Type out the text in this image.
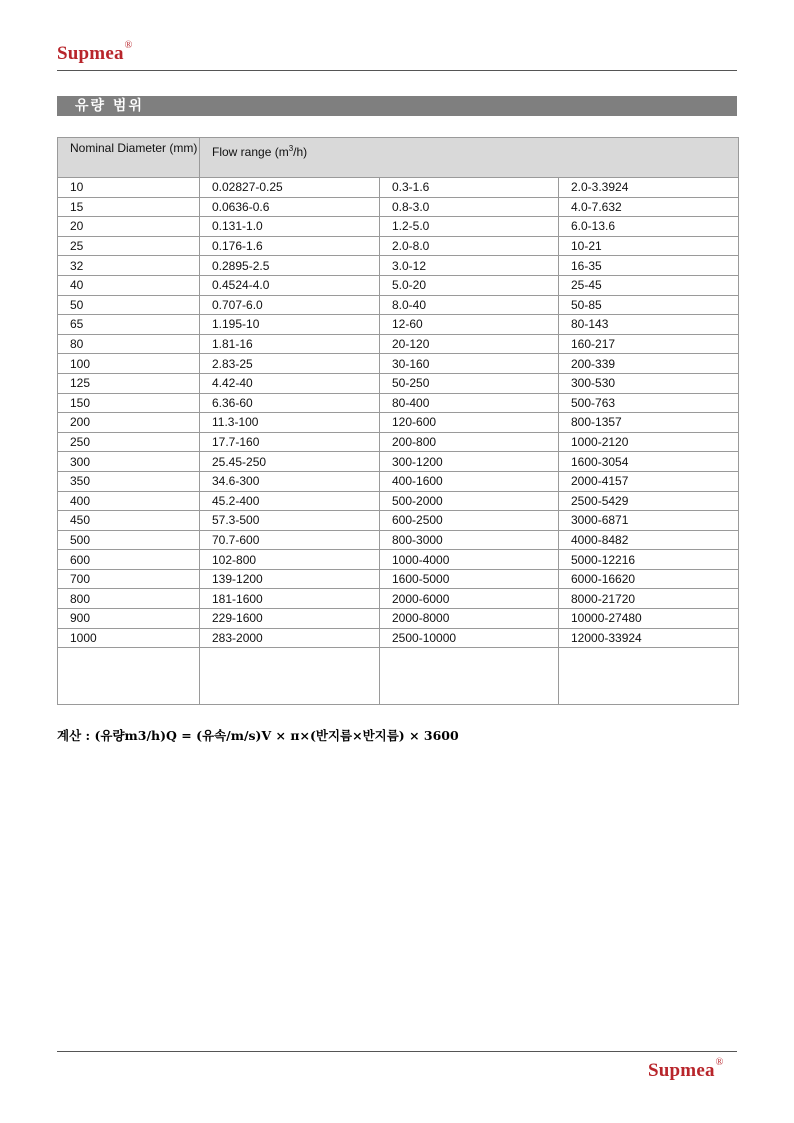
Supmea®
유량 범위
Nominal Diameter (mm)	Flow range $(m^3/h)$		
10	0.02827-0.25	0.3-1.6	2.0-3.3924
15	0.0636-0.6	0.8-3.0	4.0-7.632
20	0.131-1.0	1.2-5.0	6.0-13.6
25	0.176-1.6	2.0-8.0	10-21
32	0.2895-2.5	3.0-12	16-35
40	0.4524-4.0	5.0-20	25-45
50	0.707-6.0	8.0-40	50-85
65	1.195-10	12-60	80-143
80	1.81-16	20-120	160-217
100	2.83-25	30-160	200-339
125	4.42-40	50-250	300-530
150	6.36-60	80-400	500-763
200	11.3-100	120-600	800-1357
250	17.7-160	200-800	1000-2120
300	25.45-250	300-1200	1600-3054
350	34.6-300	400-1600	2000-4157
400	45.2-400	500-2000	2500-5429
450	57.3-500	600-2500	3000-6871
500	70.7-600	800-3000	4000-8482
600	102-800	1000-4000	5000-12216
700	139-1200	1600-5000	6000-16620
800	181-1600	2000-6000	8000-21720
900	229-1600	2000-8000	10000-27480
1000	283-2000	2500-10000	12000-33924

계산 : (유량m3/h)Q = (유속/m/s)V × π×(반지름×반지름) × 3600
Supmea®
